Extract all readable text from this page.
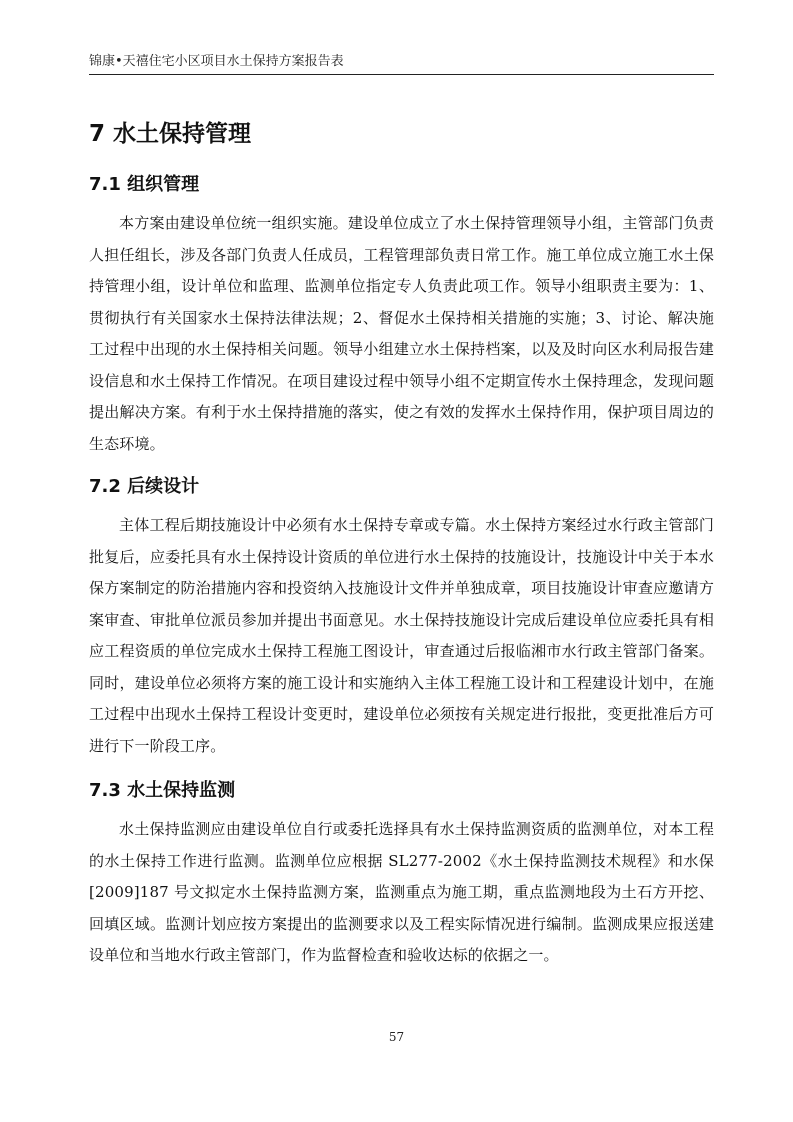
锦康•天禧住宅小区项目水土保持方案报告表
7 水土保持管理
7.1 组织管理

本方案由建设单位统一组织实施。建设单位成立了水土保持管理领导小组，主管部门负责人担任组长，涉及各部门负责人任成员，工程管理部负责日常工作。施工单位成立施工水土保持管理小组，设计单位和监理、监测单位指定专人负责此项工作。领导小组职责主要为：1、贯彻执行有关国家水土保持法律法规；2、督促水土保持相关措施的实施；3、讨论、解决施工过程中出现的水土保持相关问题。领导小组建立水土保持档案，以及及时向区水利局报告建设信息和水土保持工作情况。在项目建设过程中领导小组不定期宣传水土保持理念，发现问题提出解决方案。有利于水土保持措施的落实，使之有效的发挥水土保持作用，保护项目周边的生态环境。

7.2 后续设计

主体工程后期技施设计中必须有水土保持专章或专篇。水土保持方案经过水行政主管部门批复后，应委托具有水土保持设计资质的单位进行水土保持的技施设计，技施设计中关于本水保方案制定的防治措施内容和投资纳入技施设计文件并单独成章，项目技施设计审查应邀请方案审查、审批单位派员参加并提出书面意见。水土保持技施设计完成后建设单位应委托具有相应工程资质的单位完成水土保持工程施工图设计，审查通过后报临湘市水行政主管部门备案。同时，建设单位必须将方案的施工设计和实施纳入主体工程施工设计和工程建设计划中，在施工过程中出现水土保持工程设计变更时，建设单位必须按有关规定进行报批，变更批准后方可进行下一阶段工序。

7.3 水土保持监测

水土保持监测应由建设单位自行或委托选择具有水土保持监测资质的监测单位，对本工程的水土保持工作进行监测。监测单位应根据 SL277-2002《水土保持监测技术规程》和水保[2009]187 号文拟定水土保持监测方案，监测重点为施工期，重点监测地段为土石方开挖、回填区域。监测计划应按方案提出的监测要求以及工程实际情况进行编制。监测成果应报送建设单位和当地水行政主管部门，作为监督检查和验收达标的依据之一。

57
